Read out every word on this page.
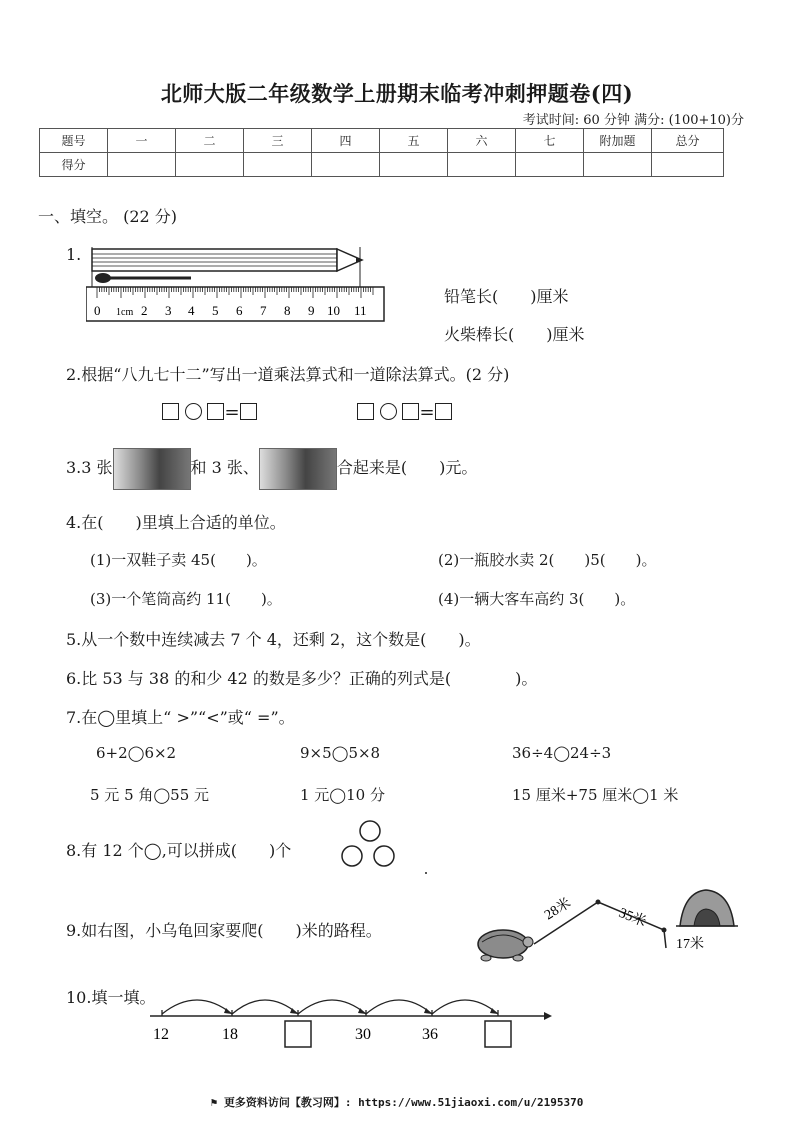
北师大版二年级数学上册期末临考冲刺押题卷(四)
考试时间: 60 分钟 满分: (100+10)分
题号	一	二	三	四	五	六	七	附加题	总分
得分									
一、填空。 (22 分)
1.
0 1cm 2 3 4 5 6 7 8 9 10 11
铅笔长(　　)厘米
火柴棒长(　　)厘米
2.根据“八九七十二”写出一道乘法算式和一道除法算式。(2 分)
=	=
3.3 张	和 3 张、	合起来是(　　)元。
4.在(　　)里填上合适的单位。
(1)一双鞋子卖 45(　　)。	(2)一瓶胶水卖 2(　　)5(　　)。
(3)一个笔筒高约 11(　　)。	(4)一辆大客车高约 3(　　)。
5.从一个数中连续减去 7 个 4，还剩 2，这个数是(　　)。
6.比 53 与 38 的和少 42 的数是多少？正确的列式是(　　　　)。
7.在◯里填上“ >”“<”或“ =”。
6+2◯6×2	9×5◯5×8	36÷4◯24÷3
5 元 5 角◯55 元	1 元◯10 分	15 厘米+75 厘米◯1 米
8.有 12 个◯,可以拼成(　　)个
9.如右图，小乌龟回家要爬(　　)米的路程。
28米	35米
17米
10.填一填。
12	18	30	36
⚑ 更多资料访问【教习网】: https://www.51jiaoxi.com/u/2195370
